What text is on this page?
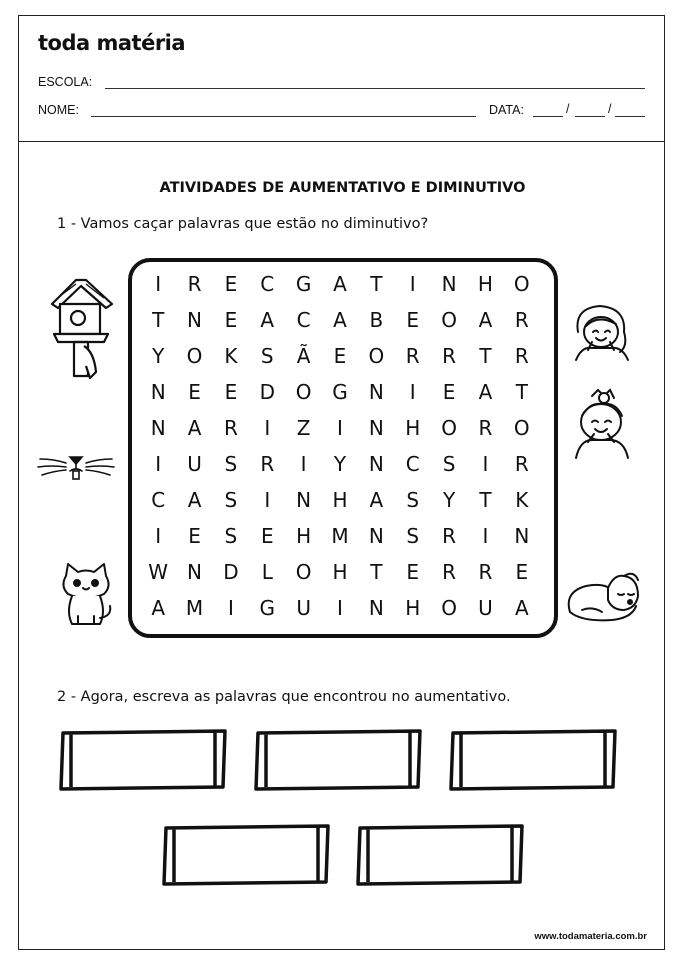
toda matéria
ESCOLA:
NOME:	DATA:	/	/
ATIVIDADES DE AUMENTATIVO E DIMINUTIVO
1 - Vamos caçar palavras que estão no diminutivo?
I	R	E	C	G	A	T	I	N	H	O
T	N	E	A	C	A	B	E	O	A	R
Y	O	K	S	Ã	E	O	R	R	T	R
N	E	E	D	O	G	N	I	E	A	T
N	A	R	I	Z	I	N	H	O	R	O
I	U	S	R	I	Y	N	C	S	I	R
C	A	S	I	N	H	A	S	Y	T	K
I	E	S	E	H	M	N	S	R	I	N
W N	D	L	O	H	T	E	R	R	E
A	M	I	G	U	I	N	H	O	U	A
2 - Agora, escreva as palavras que encontrou no aumentativo.
www.todamateria.com.br
